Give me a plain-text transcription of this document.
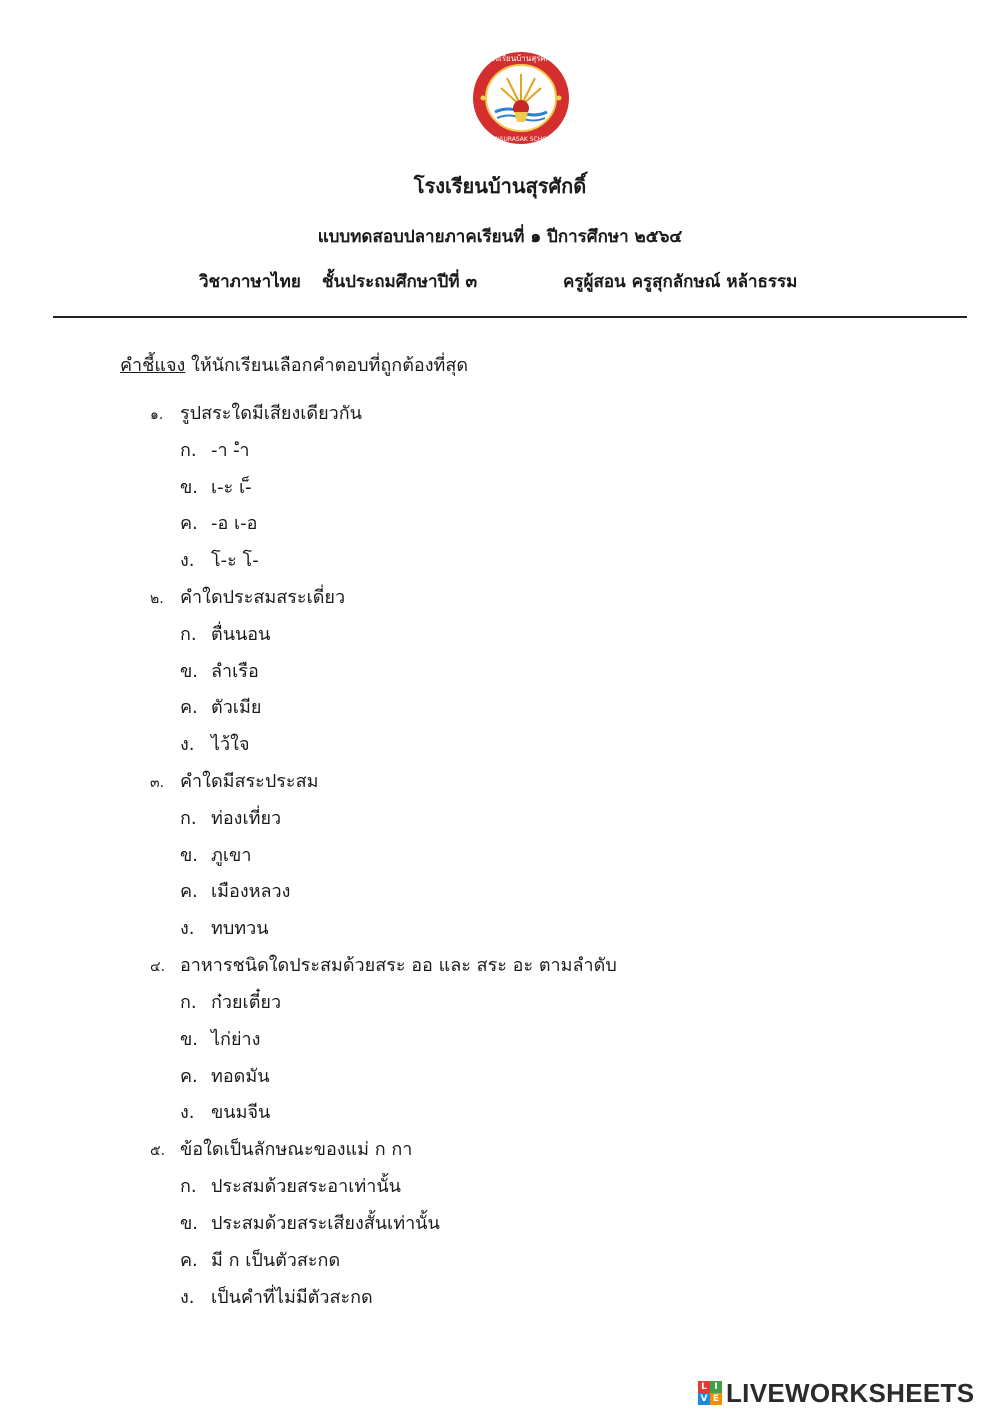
โรงเรียนบ้านสุรศักดิ์
BANSURASAK SCHOOL
โรงเรียนบ้านสุรศักดิ์
แบบทดสอบปลายภาคเรียนที่ ๑ ปีการศึกษา ๒๕๖๔
วิชาภาษาไทย ชั้นประถมศึกษาปีที่ ๓	ครูผู้สอน ครูสุกลักษณ์ หล้าธรรม
คำชี้แจง ให้นักเรียนเลือกคำตอบที่ถูกต้องที่สุด
๑. รูปสระใดมีเสียงเดียวกัน
ก. -า -ำ
ข. เ-ะ เ-็
ค. -อ เ-อ
ง. โ-ะ โ-
๒. คำใดประสมสระเดี่ยว
ก. ตื่นนอน
ข. ลำเรือ
ค. ตัวเมีย
ง. ไว้ใจ
๓. คำใดมีสระประสม
ก. ท่องเที่ยว
ข. ภูเขา
ค. เมืองหลวง
ง. ทบทวน
๔. อาหารชนิดใดประสมด้วยสระ ออ และ สระ อะ ตามลำดับ
ก. ก๋วยเตี๋ยว
ข. ไก่ย่าง
ค. ทอดมัน
ง. ขนมจีน
๕. ข้อใดเป็นลักษณะของแม่ ก กา
ก. ประสมด้วยสระอาเท่านั้น
ข. ประสมด้วยสระเสียงสั้นเท่านั้น
ค. มี ก เป็นตัวสะกด
ง. เป็นคำที่ไม่มีตัวสะกด
L I
V E LIVEWORKSHEETS
